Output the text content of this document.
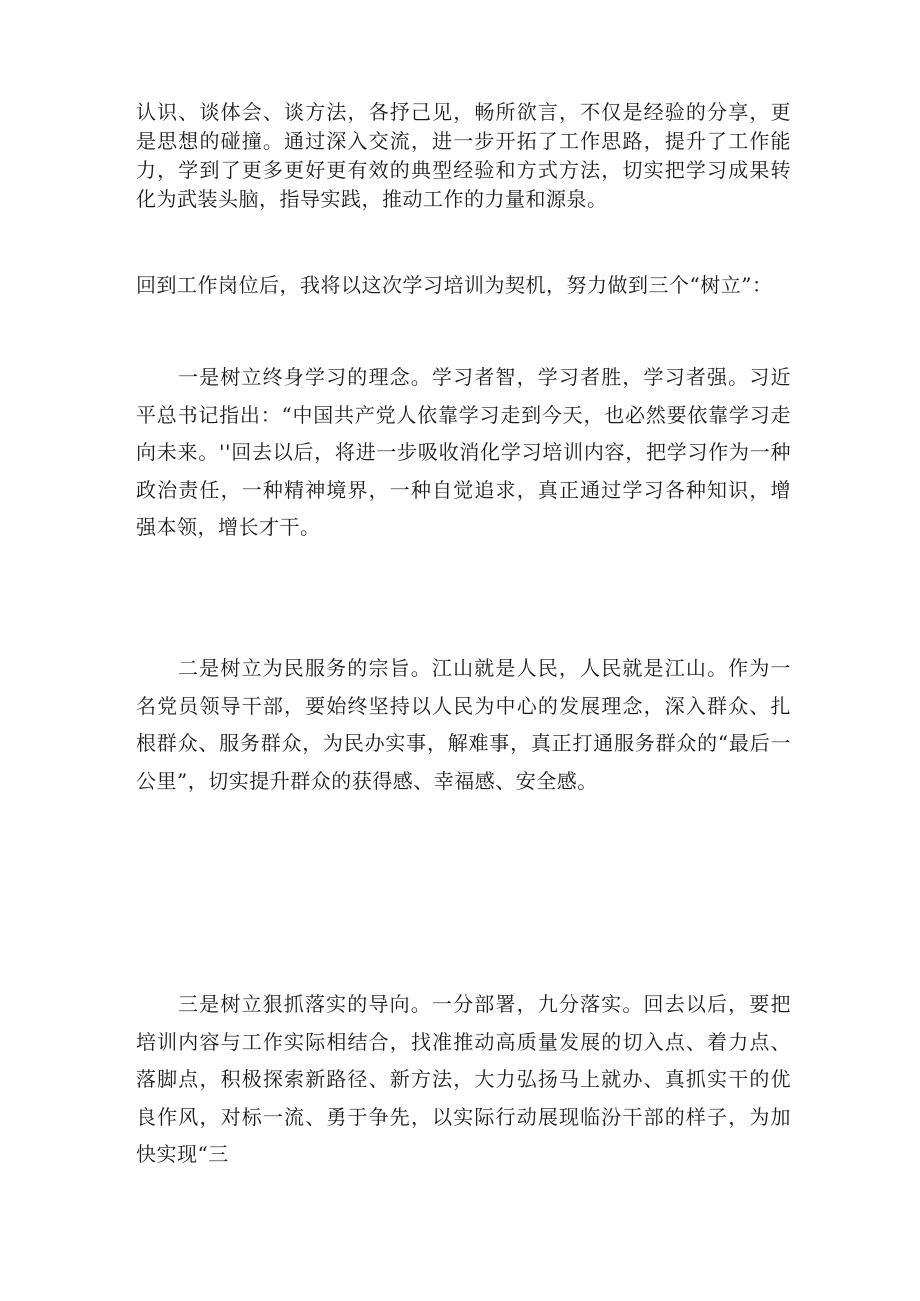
认识、谈体会、谈方法，各抒己见，畅所欲言，不仅是经验的分享，更是思想的碰撞。通过深入交流，进一步开拓了工作思路，提升了工作能力，学到了更多更好更有效的典型经验和方式方法，切实把学习成果转化为武装头脑，指导实践，推动工作的力量和源泉。

回到工作岗位后，我将以这次学习培训为契机，努力做到三个“树立”：

一是树立终身学习的理念。学习者智，学习者胜，学习者强。习近平总书记指出：“中国共产党人依靠学习走到今天，也必然要依靠学习走向未来。''回去以后，将进一步吸收消化学习培训内容，把学习作为一种政治责任，一种精神境界，一种自觉追求，真正通过学习各种知识，增强本领，增长才干。

二是树立为民服务的宗旨。江山就是人民，人民就是江山。作为一名党员领导干部，要始终坚持以人民为中心的发展理念，深入群众、扎根群众、服务群众，为民办实事，解难事，真正打通服务群众的“最后一公里”，切实提升群众的获得感、幸福感、安全感。

三是树立狠抓落实的导向。一分部署，九分落实。回去以后，要把培训内容与工作实际相结合，找准推动高质量发展的切入点、着力点、落脚点，积极探索新路径、新方法，大力弘扬马上就办、真抓实干的优良作风，对标一流、勇于争先，以实际行动展现临汾干部的样子，为加快实现“三
